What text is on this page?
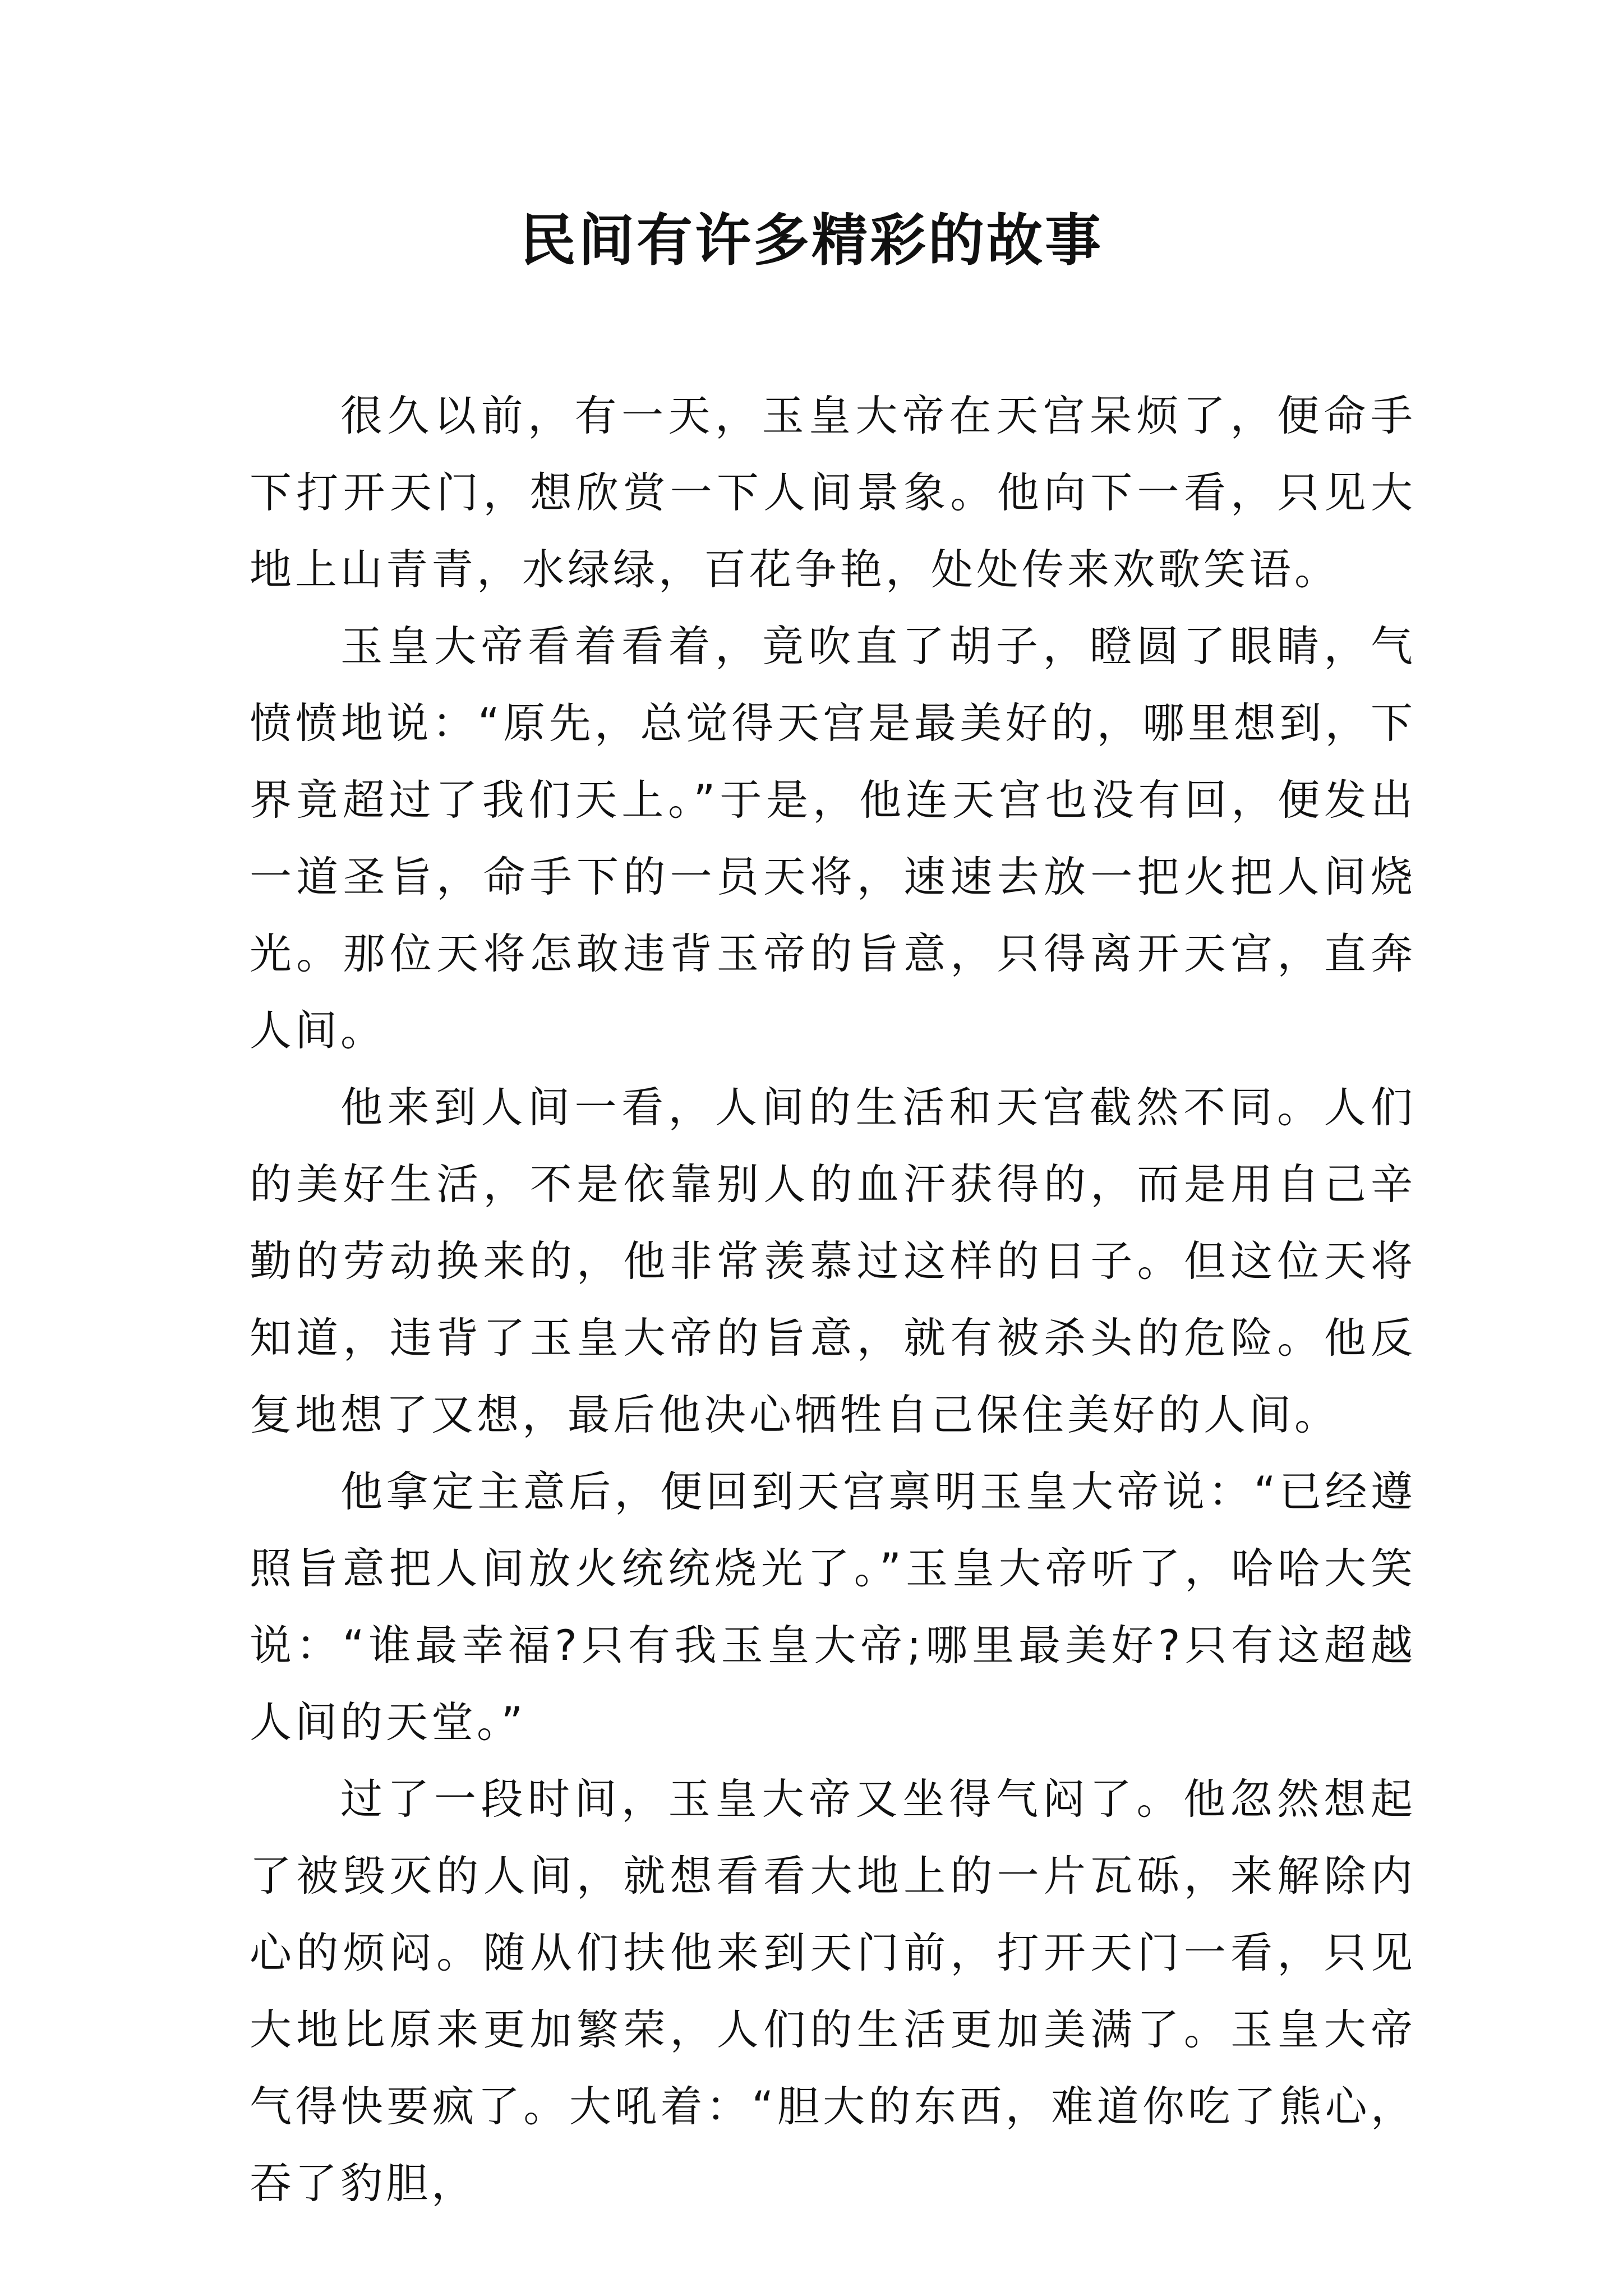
民间有许多精彩的故事

很久以前，有一天，玉皇大帝在天宫呆烦了，便命手下打开天门，想欣赏一下人间景象。他向下一看，只见大地上山青青，水绿绿，百花争艳，处处传来欢歌笑语。

玉皇大帝看着看着，竟吹直了胡子，瞪圆了眼睛，气愤愤地说：“原先，总觉得天宫是最美好的，哪里想到，下界竟超过了我们天上。”于是，他连天宫也没有回，便发出一道圣旨，命手下的一员天将，速速去放一把火把人间烧光。那位天将怎敢违背玉帝的旨意，只得离开天宫，直奔人间。

他来到人间一看，人间的生活和天宫截然不同。人们的美好生活，不是依靠别人的血汗获得的，而是用自己辛勤的劳动换来的，他非常羡慕过这样的日子。但这位天将知道，违背了玉皇大帝的旨意，就有被杀头的危险。他反复地想了又想，最后他决心牺牲自己保住美好的人间。

他拿定主意后，便回到天宫禀明玉皇大帝说：“已经遵照旨意把人间放火统统烧光了。”玉皇大帝听了，哈哈大笑说：“谁最幸福?只有我玉皇大帝;哪里最美好?只有这超越人间的天堂。”

过了一段时间，玉皇大帝又坐得气闷了。他忽然想起了被毁灭的人间，就想看看大地上的一片瓦砾，来解除内心的烦闷。随从们扶他来到天门前，打开天门一看，只见大地比原来更加繁荣，人们的生活更加美满了。玉皇大帝气得快要疯了。大吼着：“胆大的东西，难道你吃了熊心，吞了豹胆，
